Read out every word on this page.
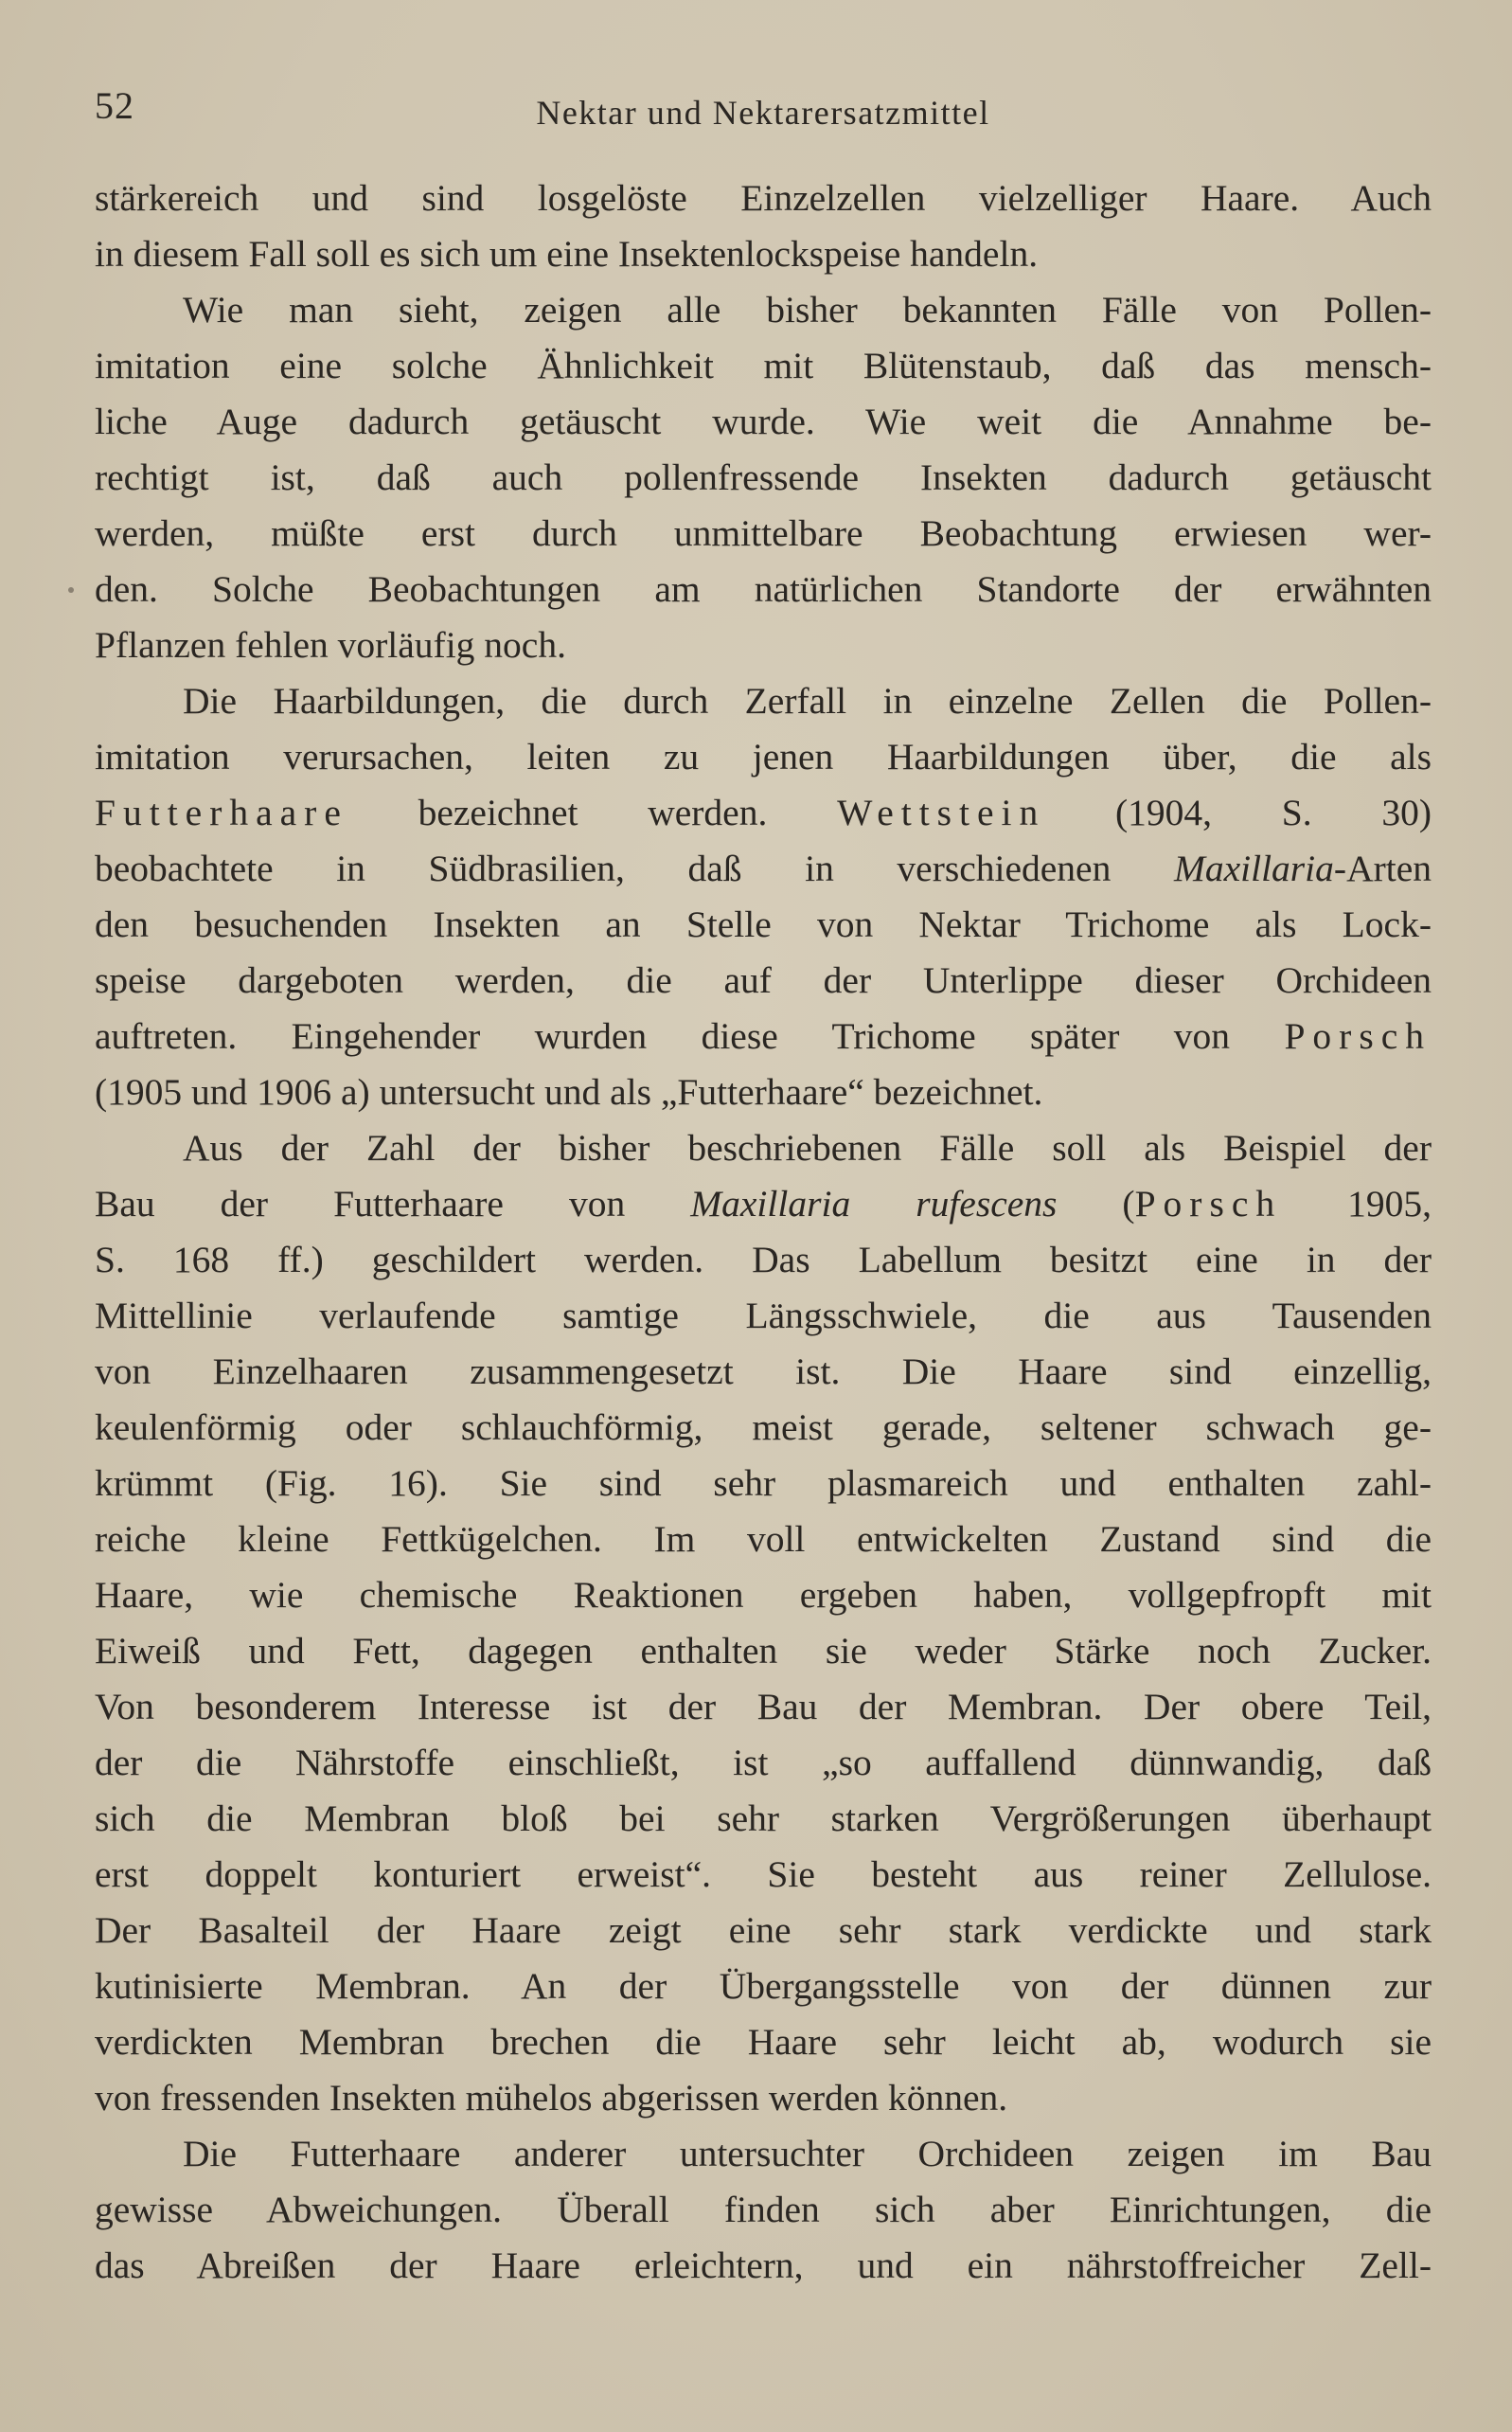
52	Nektar und Nektarersatzmittel
stärkereich und sind losgelöste Einzelzellen vielzelliger Haare. Auch
in diesem Fall soll es sich um eine Insektenlockspeise handeln.
Wie man sieht, zeigen alle bisher bekannten Fälle von Pollen-
imitation eine solche Ähnlichkeit mit Blütenstaub, daß das mensch-
liche Auge dadurch getäuscht wurde. Wie weit die Annahme be-
rechtigt ist, daß auch pollenfressende Insekten dadurch getäuscht
werden, müßte erst durch unmittelbare Beobachtung erwiesen wer-
den. Solche Beobachtungen am natürlichen Standorte der erwähnten
Pflanzen fehlen vorläufig noch.
Die Haarbildungen, die durch Zerfall in einzelne Zellen die Pollen-
imitation verursachen, leiten zu jenen Haarbildungen über, die als
Futterhaare bezeichnet werden. Wettstein (1904, S. 30)
beobachtete in Südbrasilien, daß in verschiedenen Maxillaria-Arten
den besuchenden Insekten an Stelle von Nektar Trichome als Lock-
speise dargeboten werden, die auf der Unterlippe dieser Orchideen
auftreten. Eingehender wurden diese Trichome später von Porsch
(1905 und 1906 a) untersucht und als „Futterhaare“ bezeichnet.
Aus der Zahl der bisher beschriebenen Fälle soll als Beispiel der
Bau der Futterhaare von Maxillaria rufescens (Porsch 1905,
S. 168 ff.) geschildert werden. Das Labellum besitzt eine in der
Mittellinie verlaufende samtige Längsschwiele, die aus Tausenden
von Einzelhaaren zusammengesetzt ist. Die Haare sind einzellig,
keulenförmig oder schlauchförmig, meist gerade, seltener schwach ge-
krümmt (Fig. 16). Sie sind sehr plasmareich und enthalten zahl-
reiche kleine Fettkügelchen. Im voll entwickelten Zustand sind die
Haare, wie chemische Reaktionen ergeben haben, vollgepfropft mit
Eiweiß und Fett, dagegen enthalten sie weder Stärke noch Zucker.
Von besonderem Interesse ist der Bau der Membran. Der obere Teil,
der die Nährstoffe einschließt, ist „so auffallend dünnwandig, daß
sich die Membran bloß bei sehr starken Vergrößerungen überhaupt
erst doppelt konturiert erweist“. Sie besteht aus reiner Zellulose.
Der Basalteil der Haare zeigt eine sehr stark verdickte und stark
kutinisierte Membran. An der Übergangsstelle von der dünnen zur
verdickten Membran brechen die Haare sehr leicht ab, wodurch sie
von fressenden Insekten mühelos abgerissen werden können.
Die Futterhaare anderer untersuchter Orchideen zeigen im Bau
gewisse Abweichungen. Überall finden sich aber Einrichtungen, die
das Abreißen der Haare erleichtern, und ein nährstoffreicher Zell-
